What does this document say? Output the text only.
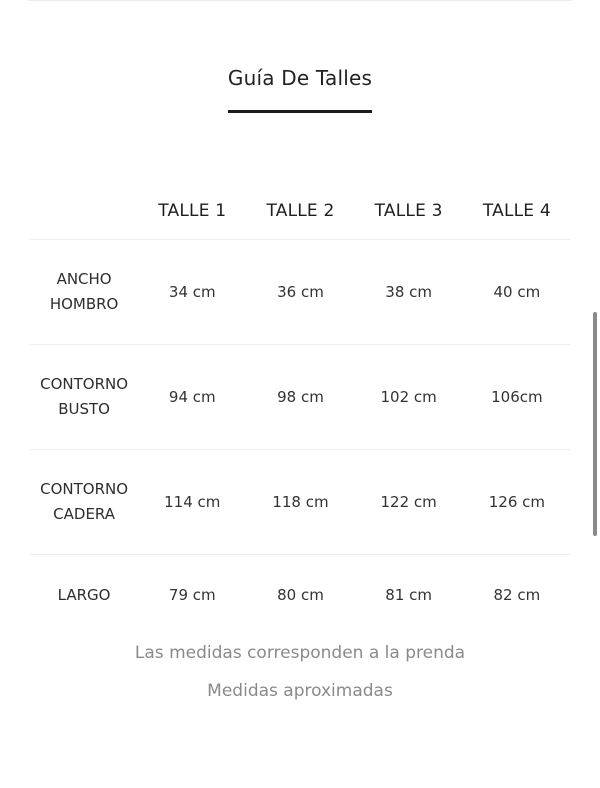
Guía De Talles
	TALLE 1	TALLE 2	TALLE 3	TALLE 4

ANCHO
HOMBRO	34 cm	36 cm	38 cm	40 cm

CONTORNO
BUSTO	94 cm	98 cm	102 cm	106cm

CONTORNO
CADERA	114 cm	118 cm	122 cm	126 cm

LARGO	79 cm	80 cm	81 cm	82 cm
Las medidas corresponden a la prenda
Medidas aproximadas
